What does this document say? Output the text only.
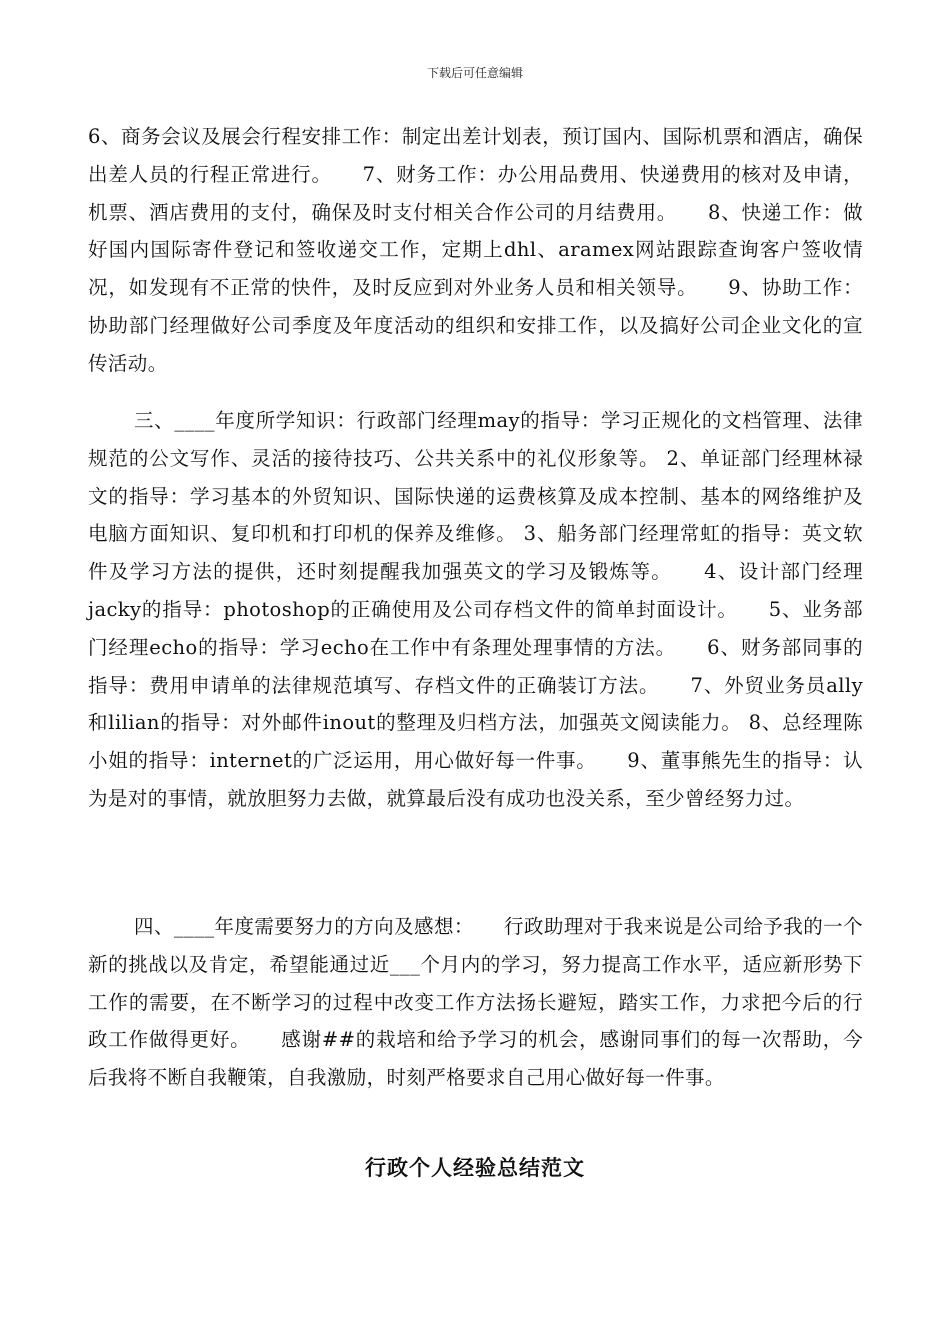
下载后可任意编辑
6、商务会议及展会行程安排工作：制定出差计划表，预订国内、国际机票和酒店，确保出差人员的行程正常进行。　　7、财务工作：办公用品费用、快递费用的核对及申请，机票、酒店费用的支付，确保及时支付相关合作公司的月结费用。　　8、快递工作：做好国内国际寄件登记和签收递交工作，定期上dhl、aramex网站跟踪查询客户签收情况，如发现有不正常的快件，及时反应到对外业务人员和相关领导。　　9、协助工作：协助部门经理做好公司季度及年度活动的组织和安排工作，以及搞好公司企业文化的宣传活动。
三、____年度所学知识：行政部门经理may的指导：学习正规化的文档管理、法律规范的公文写作、灵活的接待技巧、公共关系中的礼仪形象等。 2、单证部门经理林禄文的指导：学习基本的外贸知识、国际快递的运费核算及成本控制、基本的网络维护及电脑方面知识、复印机和打印机的保养及维修。 3、船务部门经理常虹的指导：英文软件及学习方法的提供，还时刻提醒我加强英文的学习及锻炼等。　　4、设计部门经理jacky的指导：photoshop的正确使用及公司存档文件的简单封面设计。　　5、业务部门经理echo的指导：学习echo在工作中有条理处理事情的方法。　　6、财务部同事的指导：费用申请单的法律规范填写、存档文件的正确装订方法。　　7、外贸业务员ally和lilian的指导：对外邮件inout的整理及归档方法，加强英文阅读能力。 8、总经理陈小姐的指导：internet的广泛运用，用心做好每一件事。　　9、董事熊先生的指导：认为是对的事情，就放胆努力去做，就算最后没有成功也没关系，至少曾经努力过。
四、____年度需要努力的方向及感想：　　行政助理对于我来说是公司给予我的一个新的挑战以及肯定，希望能通过近___个月内的学习，努力提高工作水平，适应新形势下工作的需要，在不断学习的过程中改变工作方法扬长避短，踏实工作，力求把今后的行政工作做得更好。　　感谢##的栽培和给予学习的机会，感谢同事们的每一次帮助，今后我将不断自我鞭策，自我激励，时刻严格要求自己用心做好每一件事。
行政个人经验总结范文
